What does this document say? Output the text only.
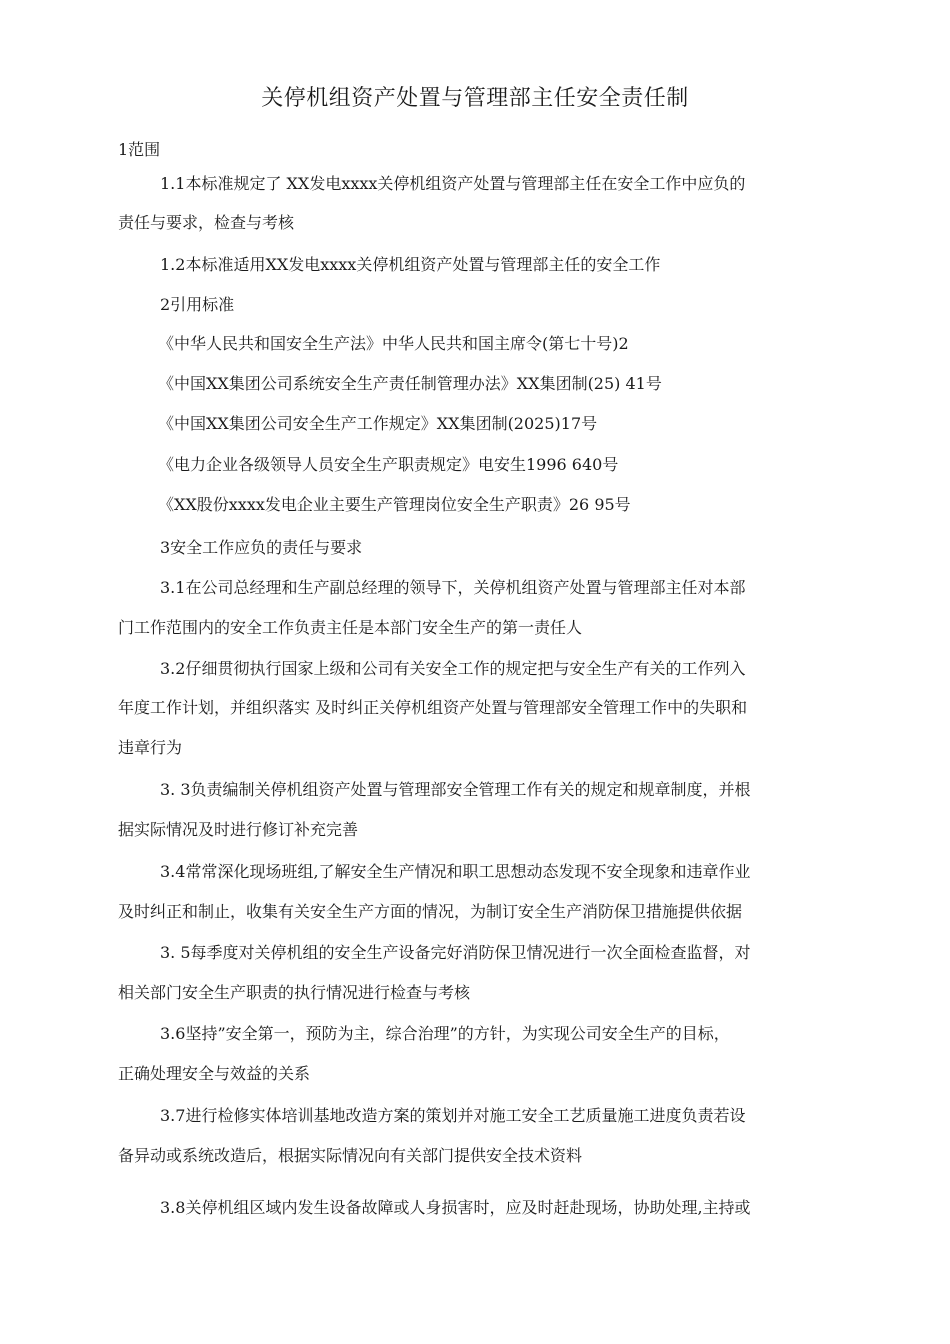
关停机组资产处置与管理部主任安全责任制
1范围
1.1本标准规定了 XX发电xxxx关停机组资产处置与管理部主任在安全工作中应负的
责任与要求，检查与考核
1.2本标准适用XX发电xxxx关停机组资产处置与管理部主任的安全工作
2引用标准
《中华人民共和国安全生产法》中华人民共和国主席令(第七十号)2
《中国XX集团公司系统安全生产责任制管理办法》XX集团制(25) 41号
《中国XX集团公司安全生产工作规定》XX集团制(2025)17号
《电力企业各级领导人员安全生产职责规定》电安生1996 640号
《XX股份xxxx发电企业主要生产管理岗位安全生产职责》26 95号
3安全工作应负的责任与要求
3.1在公司总经理和生产副总经理的领导下，关停机组资产处置与管理部主任对本部
门工作范围内的安全工作负责主任是本部门安全生产的第一责任人
3.2仔细贯彻执行国家上级和公司有关安全工作的规定把与安全生产有关的工作列入
年度工作计划，并组织落实 及时纠正关停机组资产处置与管理部安全管理工作中的失职和
违章行为
3. 3负责编制关停机组资产处置与管理部安全管理工作有关的规定和规章制度，并根
据实际情况及时进行修订补充完善
3.4常常深化现场班组,了解安全生产情况和职工思想动态发现不安全现象和违章作业
及时纠正和制止，收集有关安全生产方面的情况，为制订安全生产消防保卫措施提供依据
3. 5每季度对关停机组的安全生产设备完好消防保卫情况进行一次全面检查监督，对
相关部门安全生产职责的执行情况进行检查与考核
3.6坚持”安全第一，预防为主，综合治理”的方针，为实现公司安全生产的目标，
正确处理安全与效益的关系
3.7进行检修实体培训基地改造方案的策划并对施工安全工艺质量施工进度负责若设
备异动或系统改造后，根据实际情况向有关部门提供安全技术资料
3.8关停机组区域内发生设备故障或人身损害时，应及时赶赴现场，协助处理,主持或
